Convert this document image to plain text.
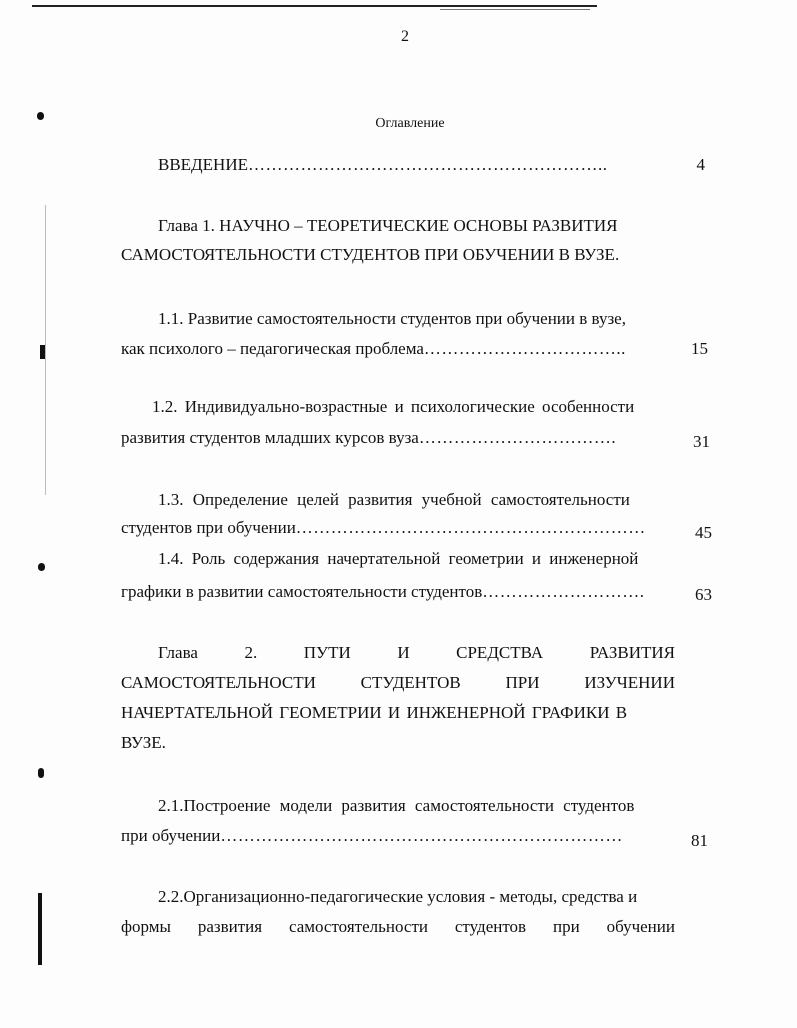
2
Оглавление
ВВЕДЕНИЕ……………………………………………………..	4
Глава 1. НАУЧНО – ТЕОРЕТИЧЕСКИЕ ОСНОВЫ РАЗВИТИЯ
САМОСТОЯТЕЛЬНОСТИ СТУДЕНТОВ ПРИ ОБУЧЕНИИ В ВУЗЕ.
1.1. Развитие самостоятельности студентов при обучении в вузе,
как психолого – педагогическая проблема……………………………..	15
1.2. Индивидуально-возрастные и психологические особенности
развития студентов младших курсов вуза…………………………….	31
1.3. Определение целей развития учебной самостоятельности
студентов при обучении……………………………………………………	45
1.4. Роль содержания начертательной геометрии и инженерной
графики в развитии самостоятельности студентов……………………….	63
Глава	2.	ПУТИ	И	СРЕДСТВА	РАЗВИТИЯ
САМОСТОЯТЕЛЬНОСТИ	СТУДЕНТОВ	ПРИ	ИЗУЧЕНИИ
НАЧЕРТАТЕЛЬНОЙ ГЕОМЕТРИИ И ИНЖЕНЕРНОЙ ГРАФИКИ В
ВУЗЕ.
2.1.Построение модели развития самостоятельности студентов
при обучении……………………………………………………………	81
2.2.Организационно-педагогические условия - методы, средства и
формы развития самостоятельности студентов при обучении
